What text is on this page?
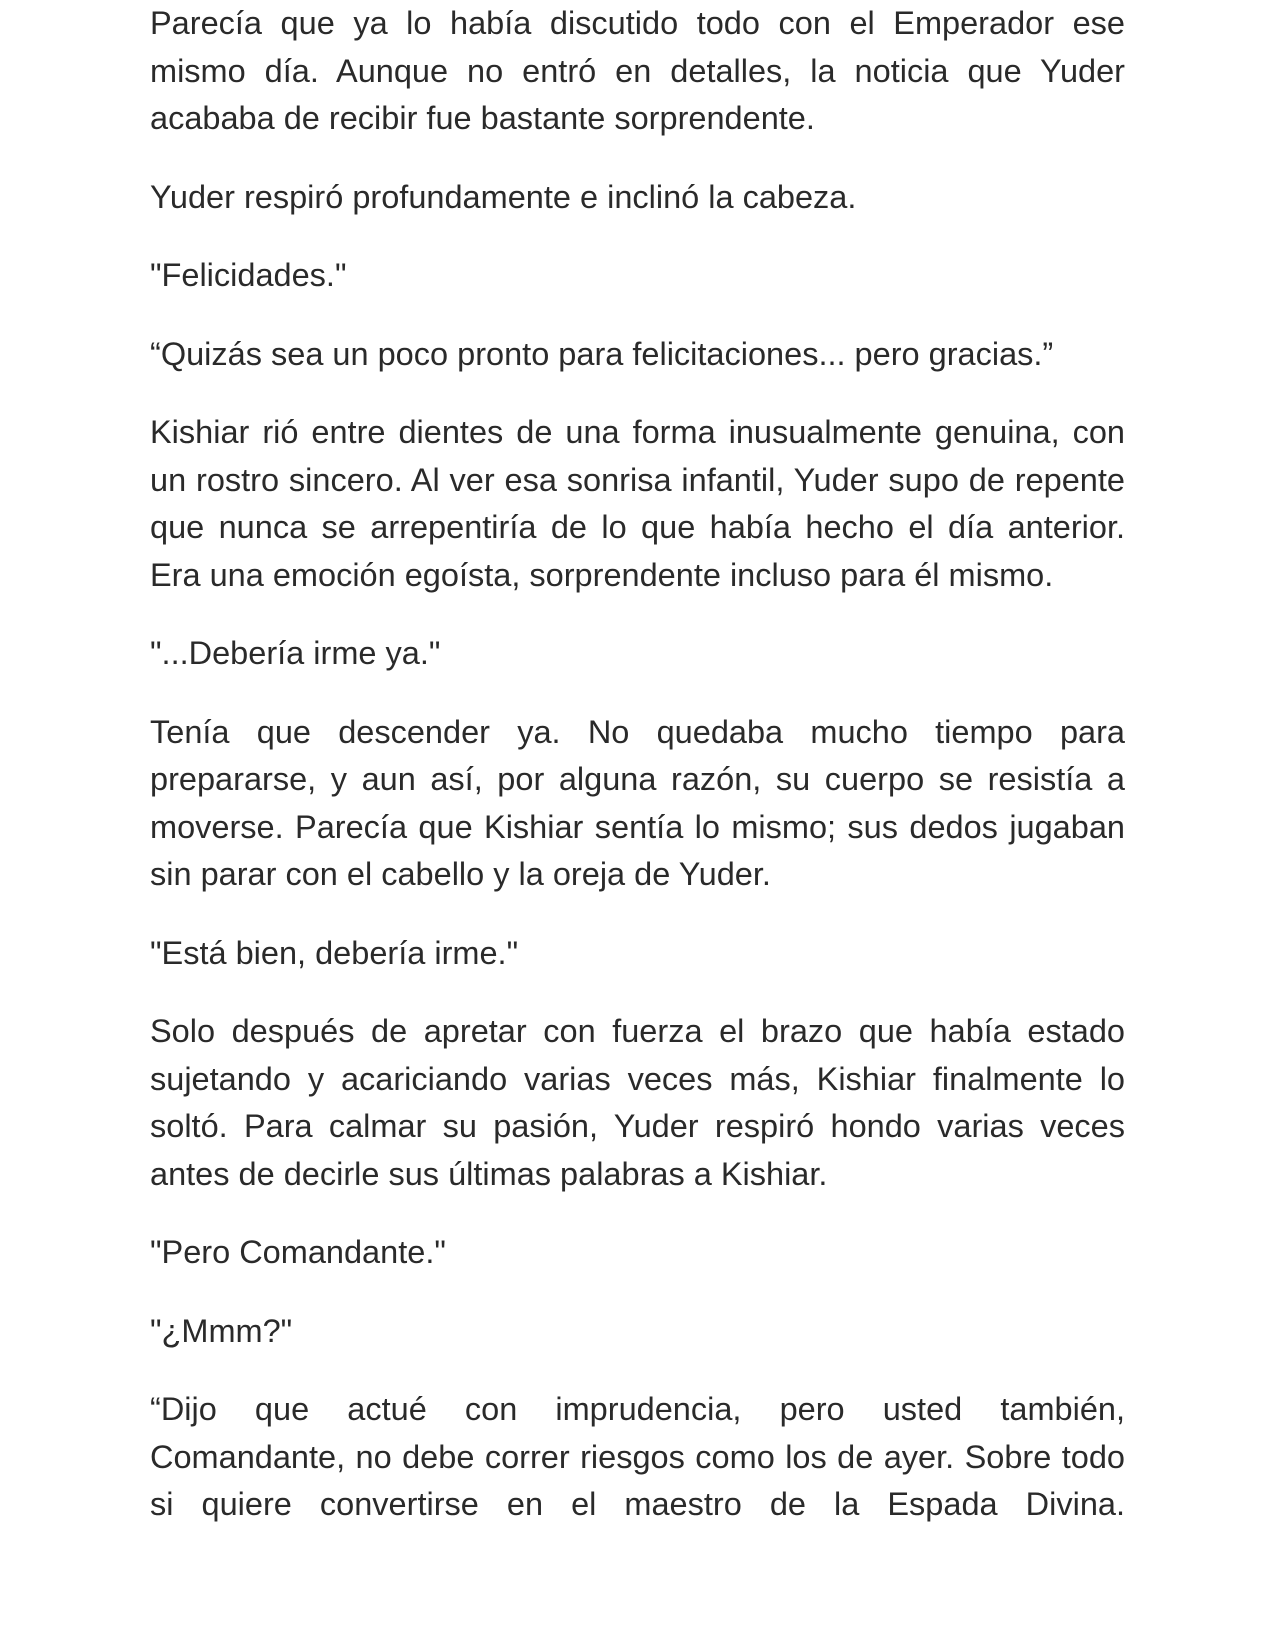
Parecía que ya lo había discutido todo con el Emperador ese mismo día. Aunque no entró en detalles, la noticia que Yuder acababa de recibir fue bastante sorprendente.

Yuder respiró profundamente e inclinó la cabeza.

"Felicidades."

“Quizás sea un poco pronto para felicitaciones... pero gracias.”

Kishiar rió entre dientes de una forma inusualmente genuina, con un rostro sincero. Al ver esa sonrisa infantil, Yuder supo de repente que nunca se arrepentiría de lo que había hecho el día anterior. Era una emoción egoísta, sorprendente incluso para él mismo.

"...Debería irme ya."

Tenía que descender ya. No quedaba mucho tiempo para prepararse, y aun así, por alguna razón, su cuerpo se resistía a moverse. Parecía que Kishiar sentía lo mismo; sus dedos jugaban sin parar con el cabello y la oreja de Yuder.

"Está bien, debería irme."

Solo después de apretar con fuerza el brazo que había estado sujetando y acariciando varias veces más, Kishiar finalmente lo soltó. Para calmar su pasión, Yuder respiró hondo varias veces antes de decirle sus últimas palabras a Kishiar.

"Pero Comandante."

"¿Mmm?"

“Dijo que actué con imprudencia, pero usted también, Comandante, no debe correr riesgos como los de ayer. Sobre todo si quiere convertirse en el maestro de la Espada Divina.
